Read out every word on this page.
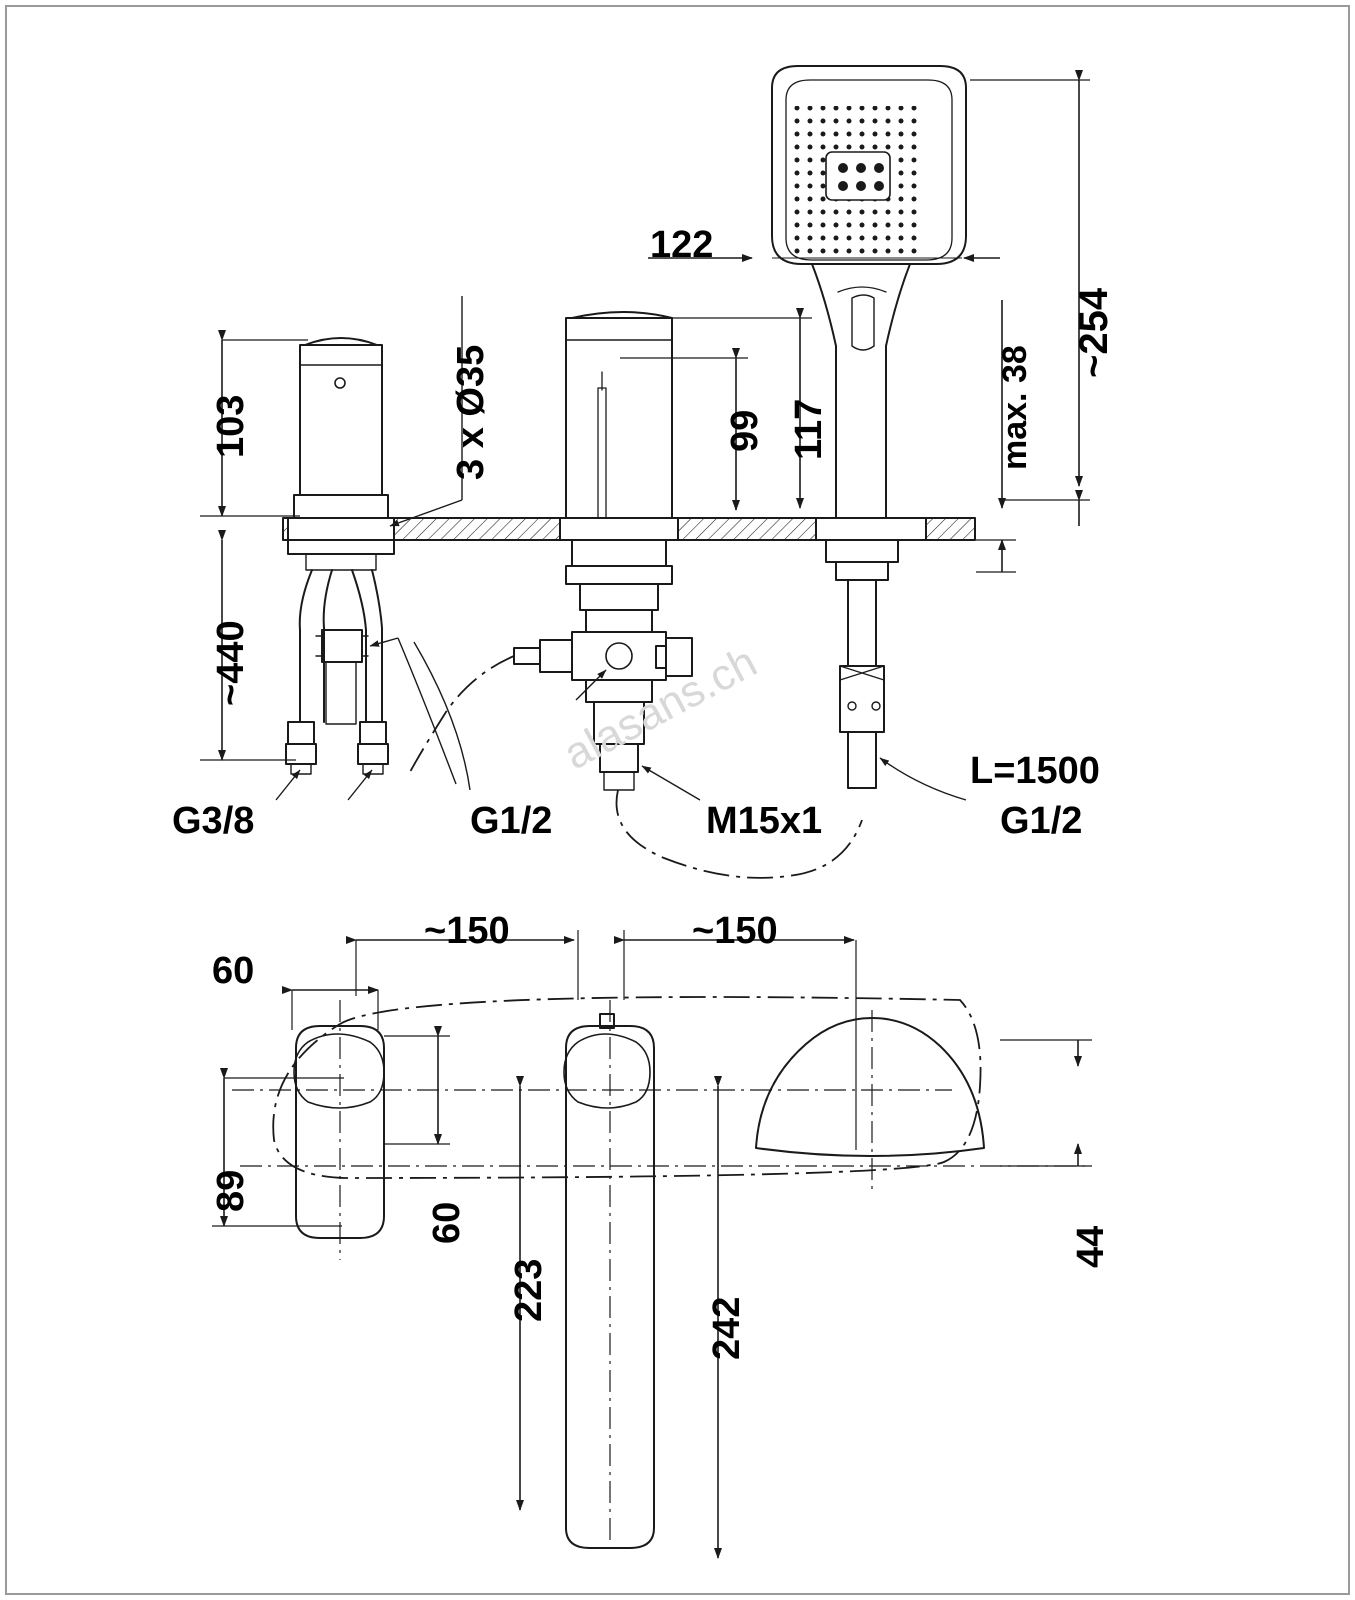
~254
max. 38
122
117
99
103
~440
3 x Ø35
G3/8	G1/2	M15x1
L=1500
G1/2
~150	~150
60
60
89
44
223
242
alasans.ch
